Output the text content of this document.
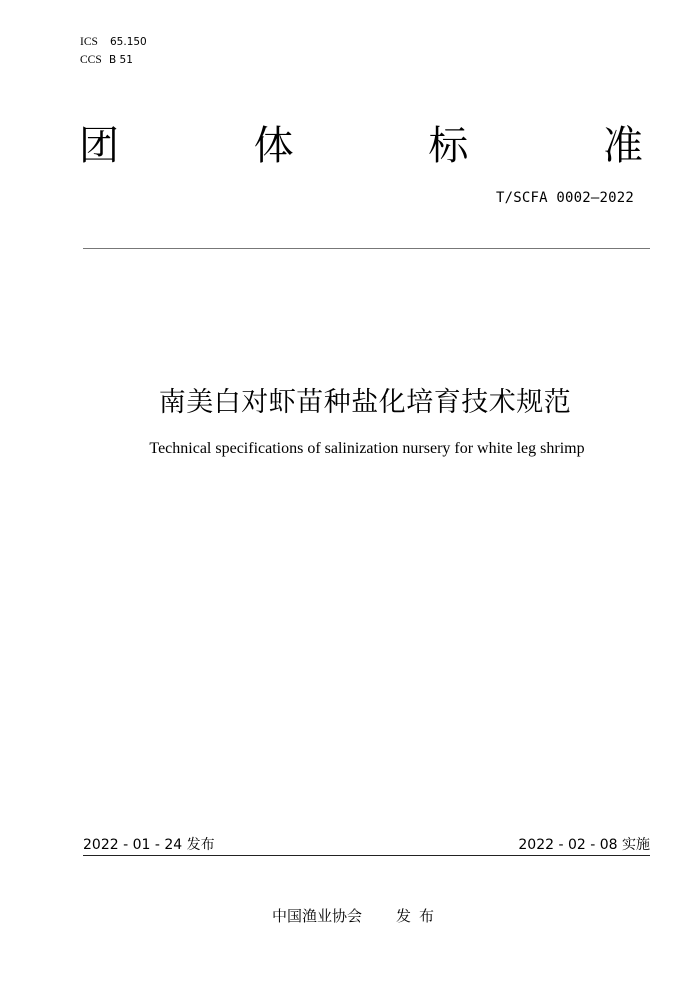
ICS	65.150
CCS B 51
团	体	标	准
T/SCFA 0002—2022
南美白对虾苗种盐化培育技术规范
Technical specifications of salinization nursery for white leg shrimp
2022 - 01 - 24 发布	2022 - 02 - 08 实施
中国渔业协会 发布
